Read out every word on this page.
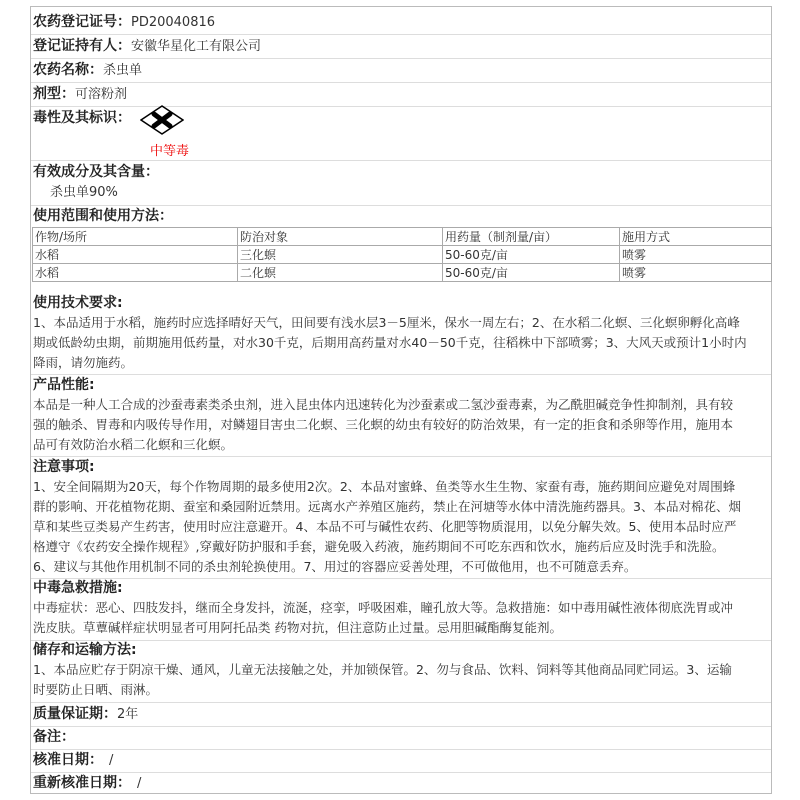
农药登记证号：PD20040816
登记证持有人：安徽华星化工有限公司
农药名称：杀虫单
剂型：可溶粉剂
毒性及其标识：
中等毒
有效成分及其含量：
杀虫单90%
使用范围和使用方法：
作物/场所	防治对象	用药量（制剂量/亩）	施用方式
水稻	三化螟	50-60克/亩	喷雾
水稻	二化螟	50-60克/亩	喷雾
使用技术要求:
1、本品适用于水稻，施药时应选择晴好天气，田间要有浅水层3－5厘米，保水一周左右；2、在水稻二化螟、三化螟卵孵化高峰
期或低龄幼虫期，前期施用低药量，对水30千克，后期用高药量对水40－50千克，往稻株中下部喷雾；3、大风天或预计1小时内
降雨，请勿施药。
产品性能:
本品是一种人工合成的沙蚕毒素类杀虫剂，进入昆虫体内迅速转化为沙蚕素或二氢沙蚕毒素，为乙酰胆碱竞争性抑制剂，具有较
强的触杀、胃毒和内吸传导作用，对鳞翅目害虫二化螟、三化螟的幼虫有较好的防治效果，有一定的拒食和杀卵等作用，施用本
品可有效防治水稻二化螟和三化螟。
注意事项:
1、安全间隔期为20天，每个作物周期的最多使用2次。2、本品对蜜蜂、鱼类等水生生物、家蚕有毒，施药期间应避免对周围蜂
群的影响、开花植物花期、蚕室和桑园附近禁用。远离水产养殖区施药，禁止在河塘等水体中清洗施药器具。3、本品对棉花、烟
草和某些豆类易产生药害，使用时应注意避开。4、本品不可与碱性农药、化肥等物质混用，以免分解失效。5、使用本品时应严
格遵守《农药安全操作规程》,穿戴好防护服和手套，避免吸入药液，施药期间不可吃东西和饮水，施药后应及时洗手和洗脸。
6、建议与其他作用机制不同的杀虫剂轮换使用。7、用过的容器应妥善处理，不可做他用，也不可随意丢弃。
中毒急救措施:
中毒症状：恶心、四肢发抖，继而全身发抖，流涎，痉挛，呼吸困难，瞳孔放大等。急救措施：如中毒用碱性液体彻底洗胃或冲
洗皮肤。草蕈碱样症状明显者可用阿托品类 药物对抗，但注意防止过量。忌用胆碱酯酶复能剂。
储存和运输方法:
1、本品应贮存于阴凉干燥、通风，儿童无法接触之处，并加锁保管。2、勿与食品、饮料、饲料等其他商品同贮同运。3、运输
时要防止日晒、雨淋。
质量保证期：2年
备注：
核准日期： /
重新核准日期： /
